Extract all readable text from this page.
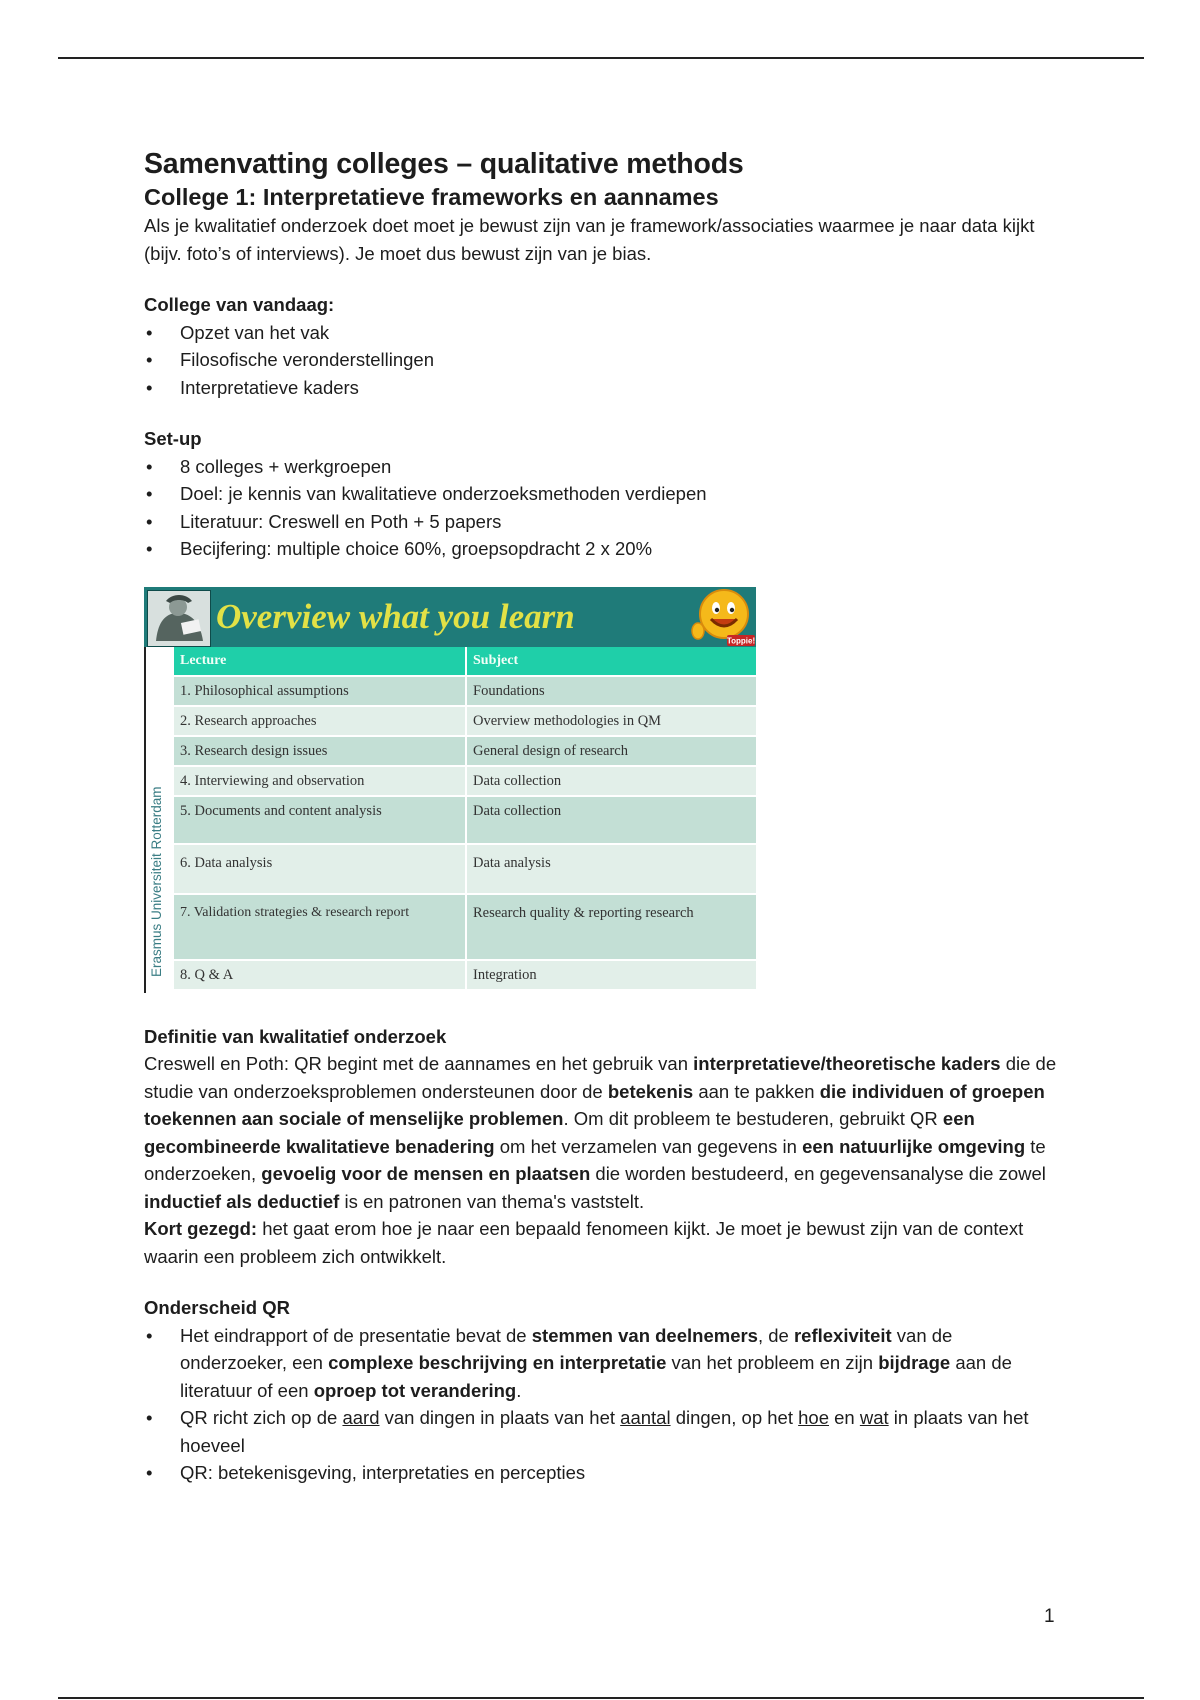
Samenvatting colleges – qualitative methods
College 1: Interpretatieve frameworks en aannames

Als je kwalitatief onderzoek doet moet je bewust zijn van je framework/associaties waarmee je naar data kijkt (bijv. foto’s of interviews). Je moet dus bewust zijn van je bias.

College van vandaag:

• Opzet van het vak
• Filosofische veronderstellingen
• Interpretatieve kaders

Set-up

• 8 colleges + werkgroepen
• Doel: je kennis van kwalitatieve onderzoeksmethoden verdiepen
• Literatuur: Creswell en Poth + 5 papers
• Becijfering: multiple choice 60%, groepsopdracht 2 x 20%
Overview what you learn
Toppie!
Erasmus Universiteit Rotterdam
Lecture	Subject
1. Philosophical assumptions	Foundations
2. Research approaches	Overview methodologies in QM
3. Research design issues	General design of research
4. Interviewing and observation	Data collection
5. Documents and content analysis	Data collection
6. Data analysis	Data analysis
7. Validation strategies & research report	Research quality & reporting research
8. Q & A	Integration

Definitie van kwalitatief onderzoek

Creswell en Poth: QR begint met de aannames en het gebruik van interpretatieve/theoretische kaders die de studie van onderzoeksproblemen ondersteunen door de betekenis aan te pakken die individuen of groepen toekennen aan sociale of menselijke problemen. Om dit probleem te bestuderen, gebruikt QR een gecombineerde kwalitatieve benadering om het verzamelen van gegevens in een natuurlijke omgeving te onderzoeken, gevoelig voor de mensen en plaatsen die worden bestudeerd, en gegevensanalyse die zowel inductief als deductief is en patronen van thema's vaststelt.

Kort gezegd: het gaat erom hoe je naar een bepaald fenomeen kijkt. Je moet je bewust zijn van de context waarin een probleem zich ontwikkelt.

Onderscheid QR

• Het eindrapport of de presentatie bevat de stemmen van deelnemers, de reflexiviteit van de onderzoeker, een complexe beschrijving en interpretatie van het probleem en zijn bijdrage aan de literatuur of een oproep tot verandering.
• QR richt zich op de aard van dingen in plaats van het aantal dingen, op het hoe en wat in plaats van het hoeveel
• QR: betekenisgeving, interpretaties en percepties
1
